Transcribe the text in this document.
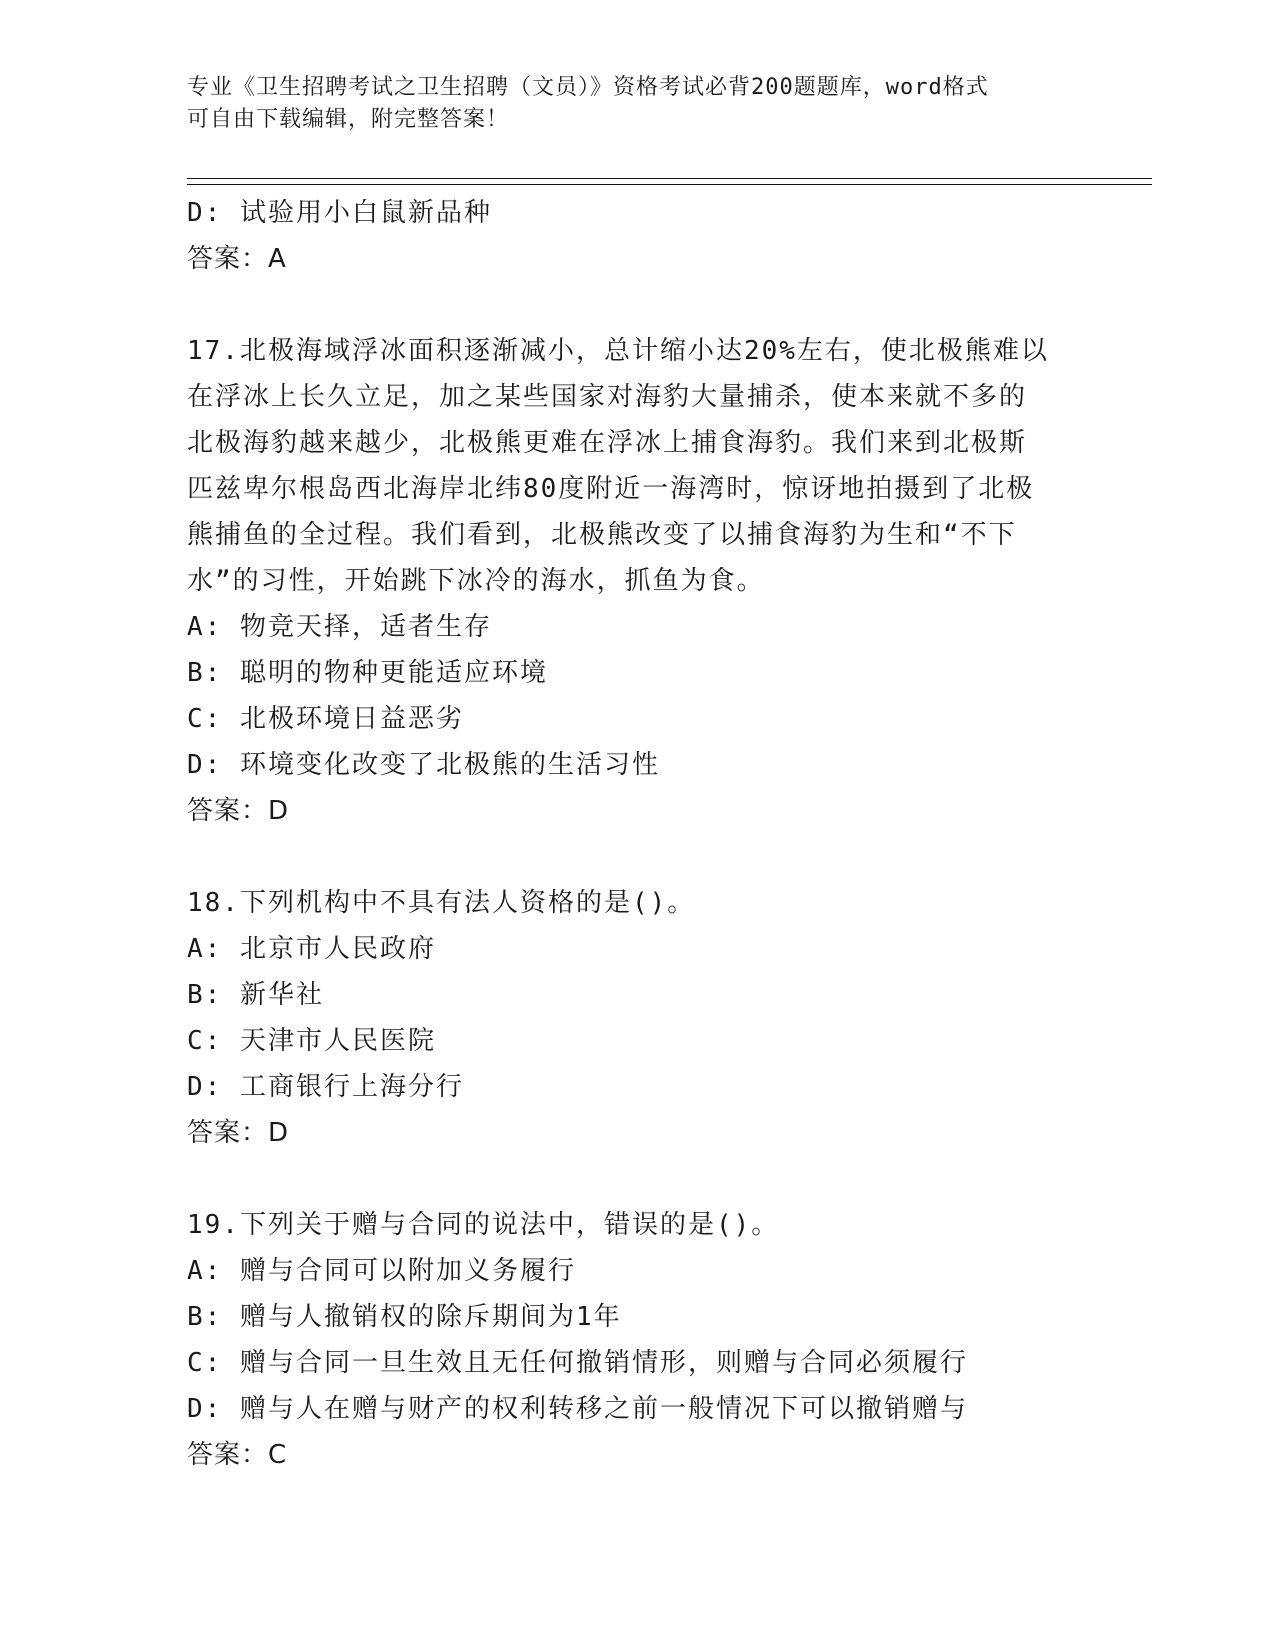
专业《卫生招聘考试之卫生招聘（文员）》资格考试必背200题题库，word格式
可自由下载编辑，附完整答案！
D: 试验用小白鼠新品种
答案：A
17.北极海域浮冰面积逐渐减小，总计缩小达20%左右，使北极熊难以
在浮冰上长久立足，加之某些国家对海豹大量捕杀，使本来就不多的
北极海豹越来越少，北极熊更难在浮冰上捕食海豹。我们来到北极斯
匹兹卑尔根岛西北海岸北纬80度附近一海湾时，惊讶地拍摄到了北极
熊捕鱼的全过程。我们看到，北极熊改变了以捕食海豹为生和“不下
水”的习性，开始跳下冰冷的海水，抓鱼为食。
A: 物竞天择，适者生存
B: 聪明的物种更能适应环境
C: 北极环境日益恶劣
D: 环境变化改变了北极熊的生活习性
答案：D
18.下列机构中不具有法人资格的是()。
A: 北京市人民政府
B: 新华社
C: 天津市人民医院
D: 工商银行上海分行
答案：D
19.下列关于赠与合同的说法中，错误的是()。
A: 赠与合同可以附加义务履行
B: 赠与人撤销权的除斥期间为1年
C: 赠与合同一旦生效且无任何撤销情形，则赠与合同必须履行
D: 赠与人在赠与财产的权利转移之前一般情况下可以撤销赠与
答案：C
